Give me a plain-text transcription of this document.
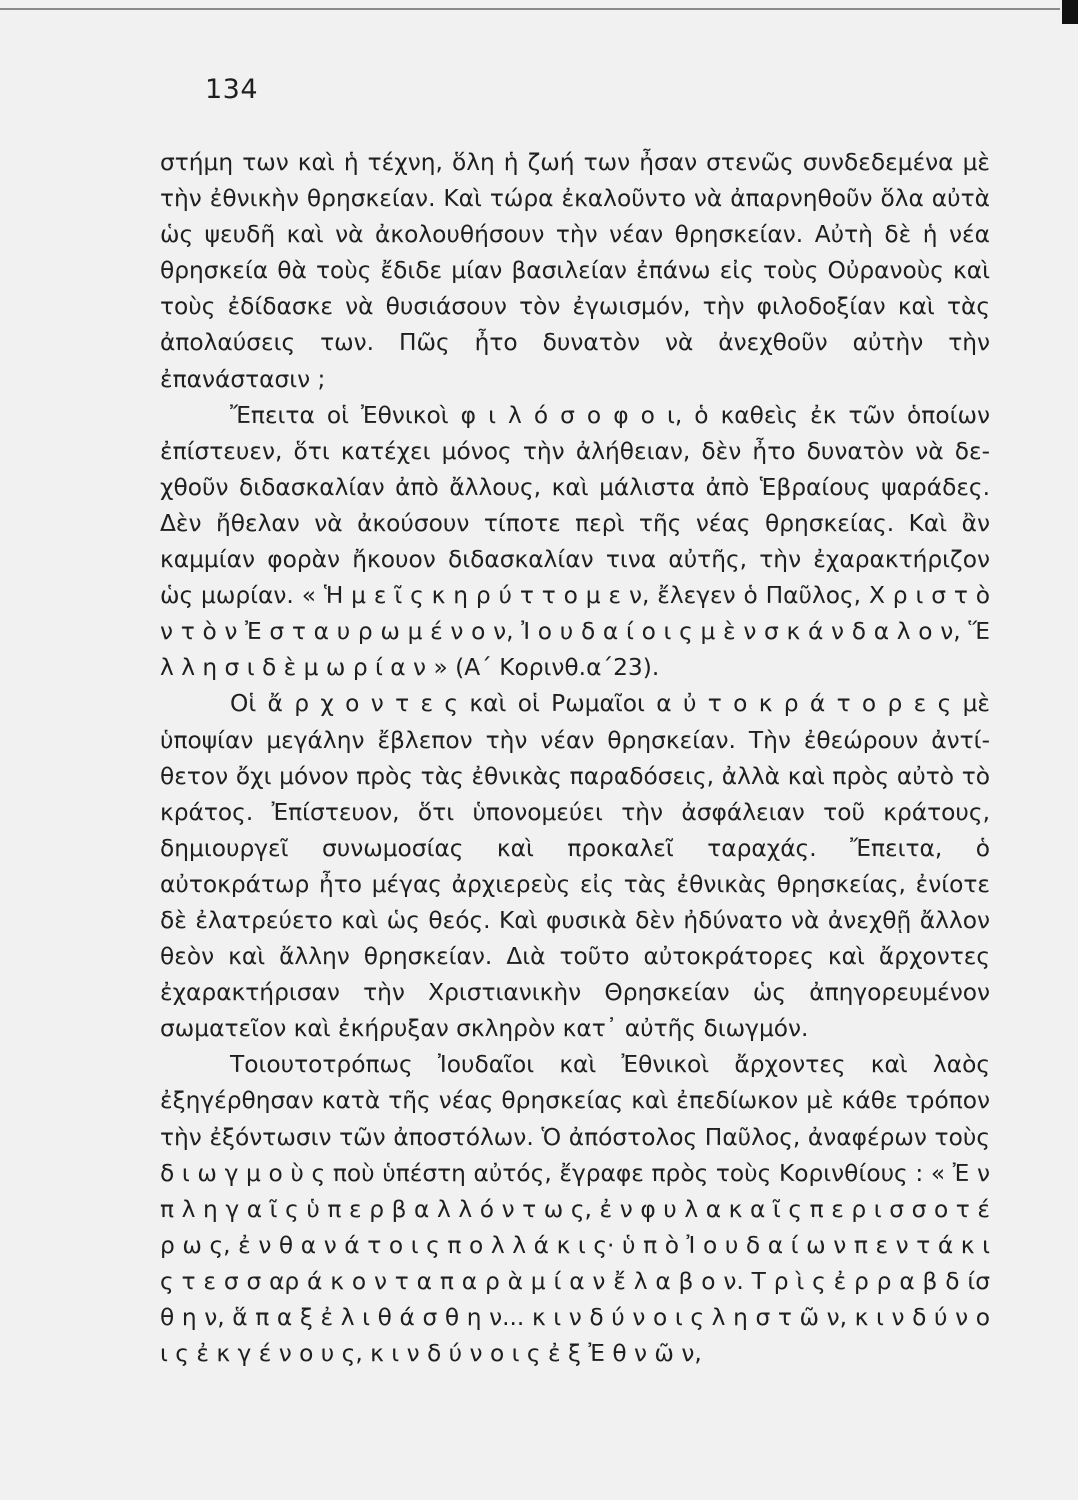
134

στήμη των καὶ ἡ τέχνη, ὅλη ἡ ζωή των ἦσαν στενῶς συνδεδεμένα μὲ τὴν ἐθνικὴν θρησκείαν. Καὶ τώρα ἐκαλοῦντο νὰ ἀπαρνηθοῦν ὅλα αὐτὰ ὡς ψευδῆ καὶ νὰ ἀκολουθήσουν τὴν νέαν θρησκείαν. Αὐτὴ δὲ ἡ νέα θρησκεία θὰ τοὺς ἔδιδε μίαν βασιλείαν ἐπάνω εἰς τοὺς Οὐρανοὺς καὶ τοὺς ἐδίδασκε νὰ θυσιάσουν τὸν ἐγωισμόν, τὴν φιλοδοξίαν καὶ τὰς ἀπολαύσεις των. Πῶς ἦτο δυνατὸν νὰ ἀνεχθοῦν αὐτὴν τὴν ἐπανάστασιν ;

Ἔπειτα οἱ Ἐθνικοὶ φ ι λ ό σ ο φ ο ι, ὁ καθεὶς ἐκ τῶν ὁποίων ἐπίστευεν, ὅτι κατέχει μόνος τὴν ἀλήθειαν, δὲν ἦτο δυνατὸν νὰ δεχθοῦν διδασκαλίαν ἀπὸ ἄλλους, καὶ μάλιστα ἀπὸ Ἑβραίους ψαράδες. Δὲν ἤθελαν νὰ ἀκούσουν τίποτε περὶ τῆς νέας θρησκείας. Καὶ ἂν καμμίαν φορὰν ἤκουον διδασκαλίαν τινα αὐτῆς, τὴν ἐχαρακτήριζον ὡς μωρίαν. « Ἡ μ ε ῖ ς κ η ρ ύ τ τ ο μ ε ν, ἔλεγεν ὁ Παῦλος, Χ ρ ι σ τ ὸ ν τ ὸ ν Ἐ σ τ α υ ρ ω μ έ ν ο ν, Ἰ ο υ δ α ί ο ι ς μ ὲ ν σ κ ά ν δ α λ ο ν, Ἕ λ λ η σ ι δ ὲ μ ω ρ ί α ν » (Α΄ Κορινθ.α΄23).

Οἱ ἄ ρ χ ο ν τ ε ς καὶ οἱ Ρωμαῖοι α ὐ τ ο κ ρ ά τ ο ρ ε ς μὲ ὑποψίαν μεγάλην ἔβλεπον τὴν νέαν θρησκείαν. Τὴν ἐθεώρουν ἀντίθετον ὄχι μόνον πρὸς τὰς ἐθνικὰς παραδόσεις, ἀλλὰ καὶ πρὸς αὐτὸ τὸ κράτος. Ἐπίστευον, ὅτι ὑπονομεύει τὴν ἀσφάλειαν τοῦ κράτους, δημιουργεῖ συνωμοσίας καὶ προκαλεῖ ταραχάς. Ἔπειτα, ὁ αὐτοκράτωρ ἦτο μέγας ἀρχιερεὺς εἰς τὰς ἐθνικὰς θρησκείας, ἐνίοτε δὲ ἐλατρεύετο καὶ ὡς θεός. Καὶ φυσικὰ δὲν ἠδύνατο νὰ ἀνεχθῇ ἄλλον θεὸν καὶ ἄλλην θρησκείαν. Διὰ τοῦτο αὐτοκράτορες καὶ ἄρχοντες ἐχαρακτήρισαν τὴν Χριστιανικὴν Θρησκείαν ὡς ἀπηγορευμένον σωματεῖον καὶ ἐκήρυξαν σκληρὸν κατ᾿ αὐτῆς διωγμόν.

Τοιουτοτρόπως Ἰουδαῖοι καὶ Ἐθνικοὶ ἄρχοντες καὶ λαὸς ἐξηγέρθησαν κατὰ τῆς νέας θρησκείας καὶ ἐπεδίωκον μὲ κάθε τρόπον τὴν ἐξόντωσιν τῶν ἀποστόλων. Ὁ ἀπόστολος Παῦλος, ἀναφέρων τοὺς δ ι ω γ μ ο ὺ ς ποὺ ὑπέστη αὐτός, ἔγραφε πρὸς τοὺς Κορινθίους : « Ἐ ν π λ η γ α ῖ ς ὑ π ε ρ β α λ λ ό ν τ ω ς, ἐ ν φ υ λ α κ α ῖ ς π ε ρ ι σ σ ο τ έ ρ ω ς, ἐ ν θ α ν ά τ ο ι ς π ο λ λ ά κ ι ς· ὑ π ὸ Ἰ ο υ δ α ί ω ν π ε ν τ ά κ ι ς τ ε σ σ αρ ά κ ο ν τ α π α ρ ὰ μ ί α ν ἔ λ α β ο ν. Τ ρ ὶ ς ἐ ρ ρ α β δ ίσ θ η ν, ἅ π α ξ ἐ λ ι θ ά σ θ η ν... κ ι ν δ ύ ν ο ι ς λ η σ τ ῶ ν, κ ι ν δ ύ ν ο ι ς ἐ κ γ έ ν ο υ ς, κ ι ν δ ύ ν ο ι ς ἐ ξ Ἐ θ ν ῶ ν,
